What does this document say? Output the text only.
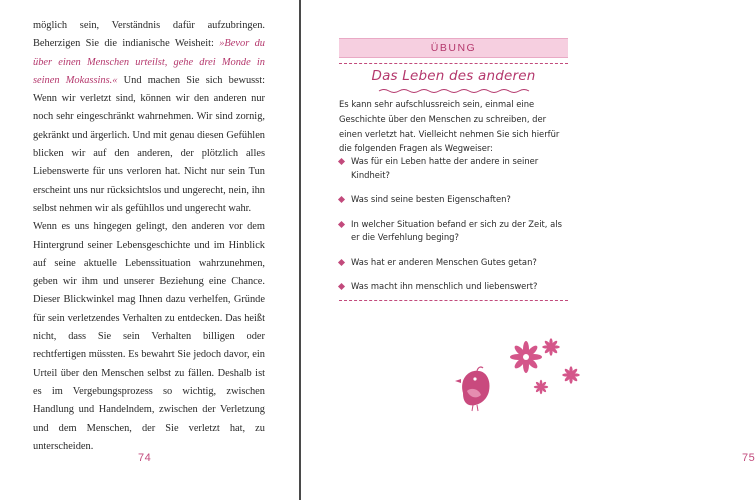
möglich sein, Verständnis dafür aufzubringen. Beherzigen Sie die indianische Weisheit: »Bevor du über einen Menschen urteilst, gehe drei Monde in seinen Mokassins.« Und machen Sie sich bewusst: Wenn wir verletzt sind, können wir den anderen nur noch sehr eingeschränkt wahrnehmen. Wir sind zornig, gekränkt und ärgerlich. Und mit genau diesen Gefühlen blicken wir auf den anderen, der plötzlich alles Liebenswerte für uns verloren hat. Nicht nur sein Tun erscheint uns nur rücksichtslos und ungerecht, nein, ihn selbst nehmen wir als gefühllos und ungerecht wahr.

Wenn es uns hingegen gelingt, den anderen vor dem Hintergrund seiner Lebensgeschichte und im Hinblick auf seine aktuelle Lebenssituation wahrzunehmen, geben wir ihm und unserer Beziehung eine Chance. Dieser Blickwinkel mag Ihnen dazu verhelfen, Gründe für sein verletzendes Verhalten zu entdecken. Das heißt nicht, dass Sie sein Verhalten billigen oder rechtfertigen müssten. Es bewahrt Sie jedoch davor, ein Urteil über den Menschen selbst zu fällen. Deshalb ist es im Vergebungsprozess so wichtig, zwischen Handlung und Handelndem, zwischen der Verletzung und dem Menschen, der Sie verletzt hat, zu unterscheiden.

74
ÜBUNG
Das Leben des anderen
Es kann sehr aufschlussreich sein, einmal eine Geschichte über den Menschen zu schreiben, der einen verletzt hat. Vielleicht nehmen Sie sich hierfür die folgenden Fragen als Wegweiser:
Was für ein Leben hatte der andere in seiner Kindheit?
Was sind seine besten Eigenschaften?
In welcher Situation befand er sich zu der Zeit, als er die Verfehlung beging?
Was hat er anderen Menschen Gutes getan?
Was macht ihn menschlich und liebenswert?
75
